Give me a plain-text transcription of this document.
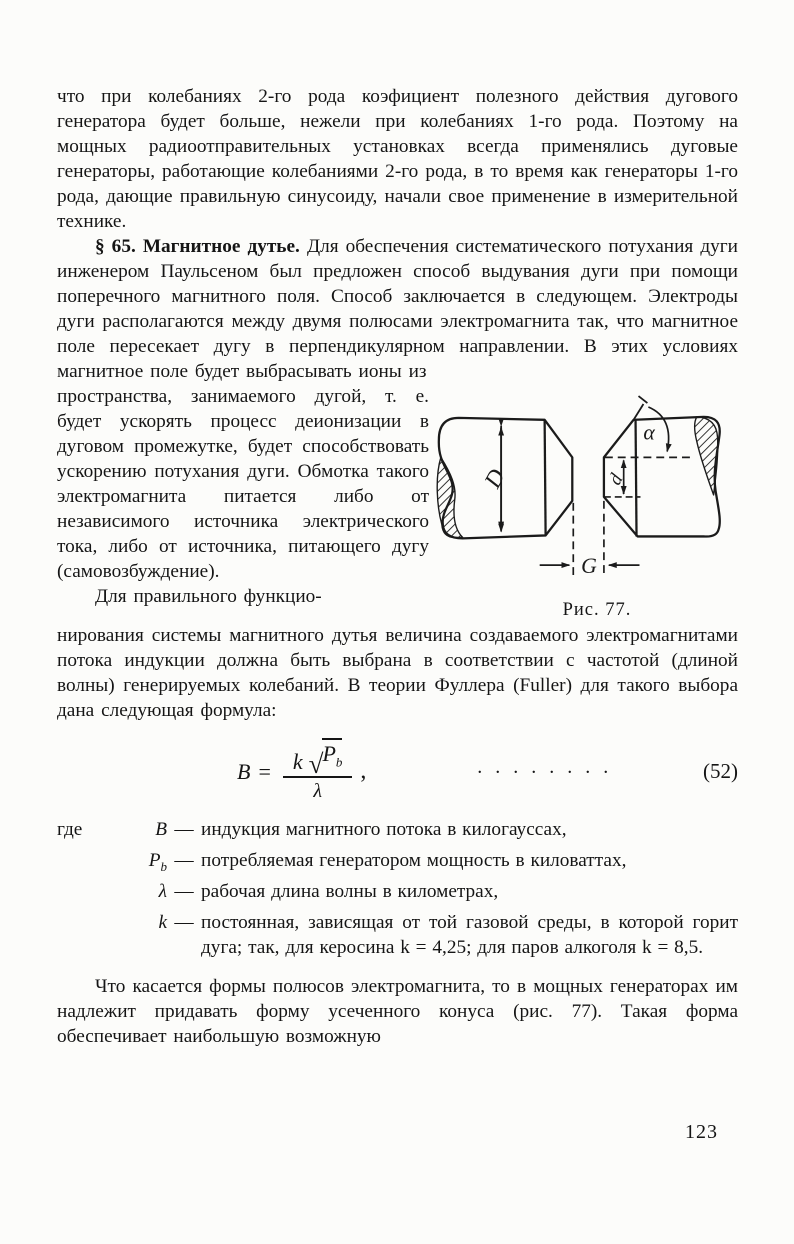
что при колебаниях 2-го рода коэфициент полезного действия дугового генератора будет больше, нежели при колебаниях 1-го рода. Поэтому на мощных радиоотправительных установках всегда применялись дуговые генераторы, работающие колебаниями 2-го рода, в то время как генераторы 1-го рода, дающие правильную синусоиду, начали свое применение в измерительной технике.

§ 65. Магнитное дутье. Для обеспечения систематического потухания дуги инженером Паульсеном был предложен способ выдувания дуги при помощи поперечного магнитного поля. Способ заключается в следующем. Электроды дуги располагаются между двумя полюсами электромагнита так, что магнитное поле пересекает дугу в перпендикулярном направлении. В этих условиях магнитное поле будет выбрасывать ионы из

пространства, занимаемого дугой, т. е. будет ускорять процесс деионизации в дуговом промежутке, будет способствовать ускорению потухания дуги. Обмотка такого электромагнита питается либо от независимого источника электрического тока, либо от источника, питающего дугу (самовозбуждение).

Для правильного функцио-

D
α
d
G
Рис. 77.

нирования системы магнитного дутья величина создаваемого электромагнитами потока индукции должна быть выбрана в соответствии с частотой (длиной волны) генерируемых колебаний. В теории Фуллера (Fuller) для такого выбора дана следующая формула:

$B = \frac{k √ P_b}{\lambda}$ ,	. . . . . . . .	(52)
где	B — индукция магнитного потока в килогауссах,
$P_b$ — потребляемая генератором мощность в киловаттах,
λ — рабочая длина волны в километрах,
k — постоянная, зависящая от той газовой среды, в которой горит дуга; так, для керосина k = 4,25; для паров алкоголя k = 8,5.

Что касается формы полюсов электромагнита, то в мощных генераторах им надлежит придавать форму усеченного конуса (рис. 77). Такая форма обеспечивает наибольшую возможную

123
